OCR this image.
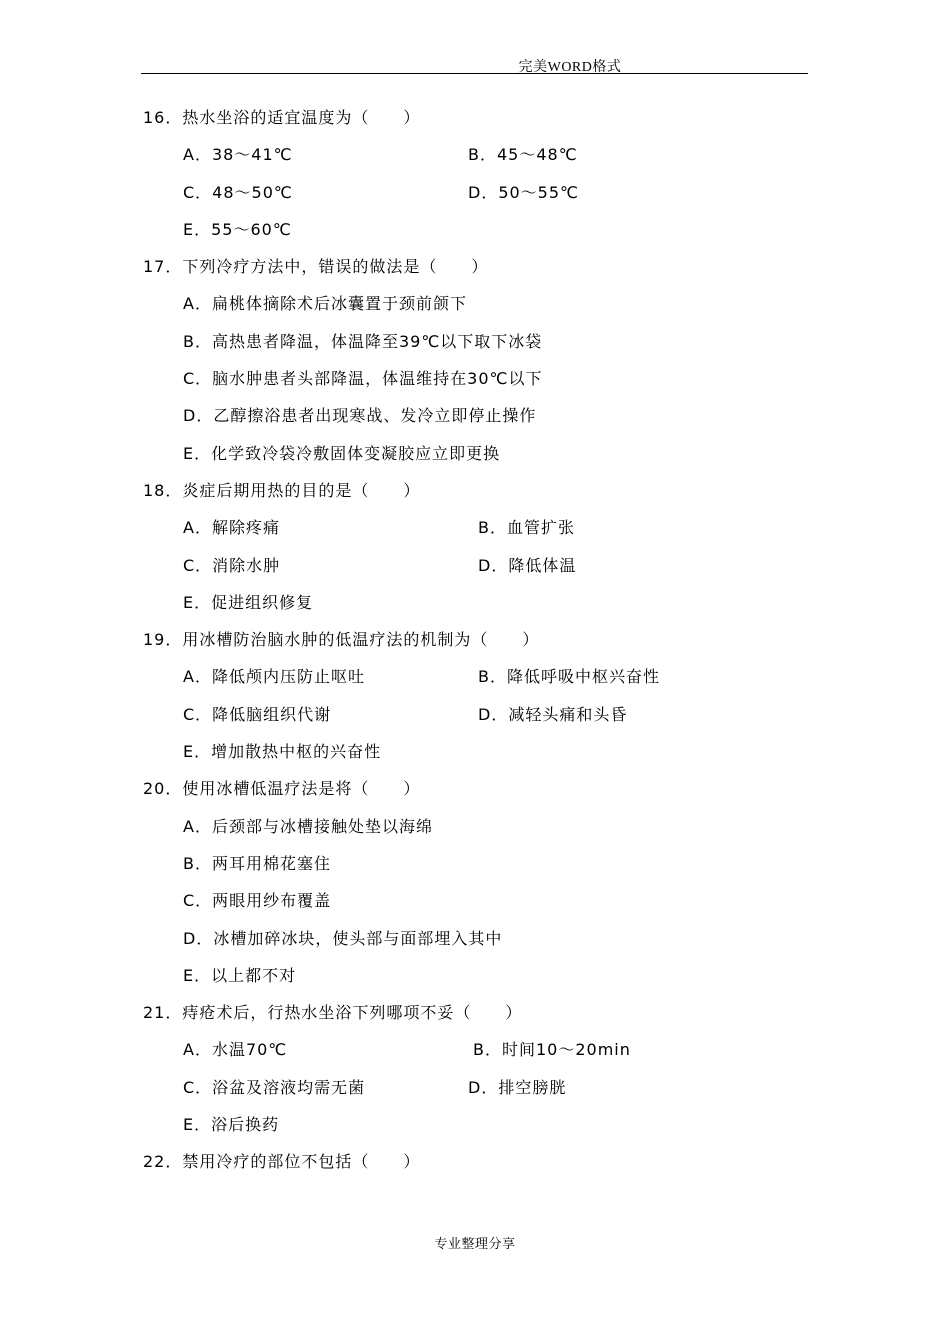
完美WORD格式
16．热水坐浴的适宜温度为（　　）
A．38～41℃	B．45～48℃
C．48～50℃	D．50～55℃
E．55～60℃
17．下列冷疗方法中，错误的做法是（　　）
A．扁桃体摘除术后冰囊置于颈前颌下
B．高热患者降温，体温降至39℃以下取下冰袋
C．脑水肿患者头部降温，体温维持在30℃以下
D．乙醇擦浴患者出现寒战、发冷立即停止操作
E．化学致冷袋冷敷固体变凝胶应立即更换
18．炎症后期用热的目的是（　　）
A．解除疼痛	B．血管扩张
C．消除水肿	D．降低体温
E．促进组织修复
19．用冰槽防治脑水肿的低温疗法的机制为（　　）
A．降低颅内压防止呕吐	B．降低呼吸中枢兴奋性
C．降低脑组织代谢	D．减轻头痛和头昏
E．增加散热中枢的兴奋性
20．使用冰槽低温疗法是将（　　）
A．后颈部与冰槽接触处垫以海绵
B．两耳用棉花塞住
C．两眼用纱布覆盖
D．冰槽加碎冰块，使头部与面部埋入其中
E．以上都不对
21．痔疮术后，行热水坐浴下列哪项不妥（　　）
A．水温70℃	B．时间10～20min
C．浴盆及溶液均需无菌	D．排空膀胱
E．浴后换药
22．禁用冷疗的部位不包括（　　）
专业整理分享
